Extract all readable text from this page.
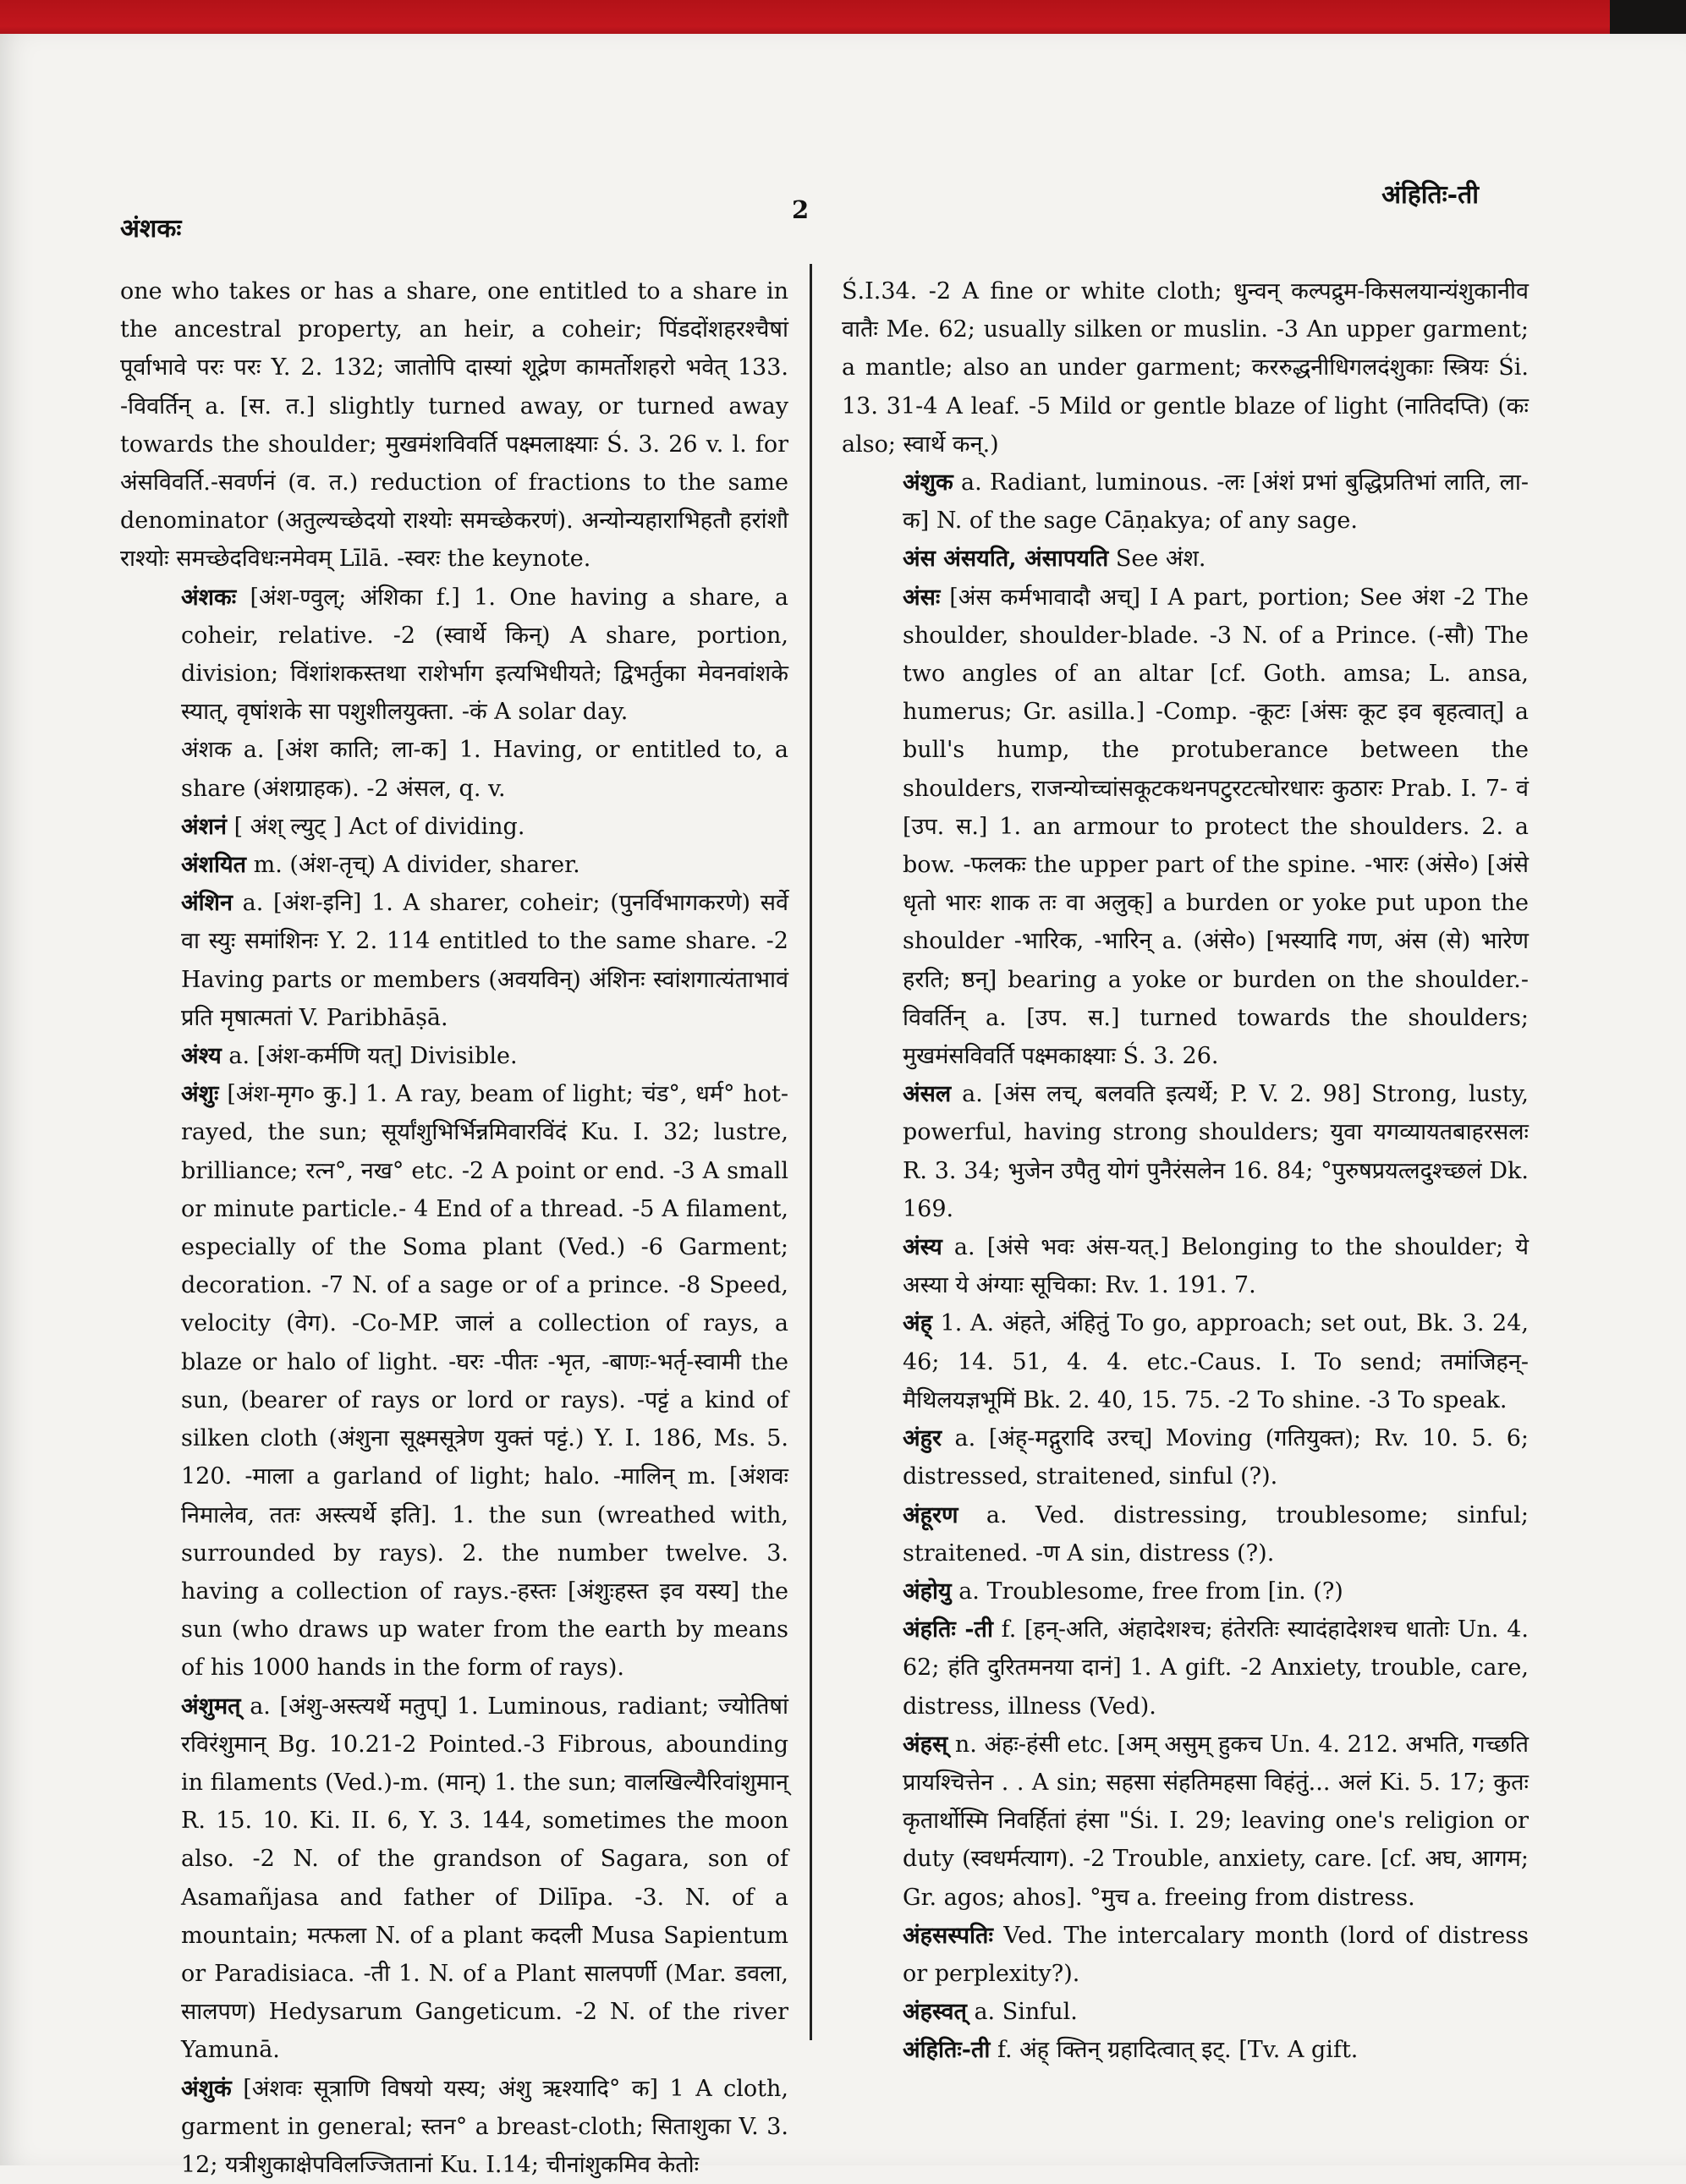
अंशकः
2	अंहितिः-ती

one who takes or has a share, one entitled to a share in the ancestral property, an heir, a coheir; पिंडदोंशहरश्चैषां पूर्वाभावे परः परः Y. 2. 132; जातोपि दास्यां शूद्रेण कामर्तोशहरो भवेत् 133. -विवर्तिन् a. [स. त.] slightly turned away, or turned away towards the shoulder; मुखमंशविवर्ति पक्ष्मलाक्ष्याः Ś. 3. 26 v. l. for अंसविवर्ति.-सवर्णनं (व. त.) reduction of fractions to the same denominator (अतुल्यच्छेदयो राश्योः समच्छेकरणं). अन्योन्यहाराभिहतौ हरांशौ राश्योः समच्छेदविधःनमेवम् Līlā. -स्वरः the keynote.

अंशकः [अंश-ण्वुल्; अंशिका f.] 1. One having a share, a coheir, relative. -2 (स्वार्थे किन्) A share, portion, division; विंशांशकस्तथा राशेर्भाग इत्यभिधीयते; द्विभर्तुका मेवनवांशके स्यात्, वृषांशके सा पशुशीलयुक्ता. -कं A solar day.

अंशक a. [अंश काति; ला-क] 1. Having, or entitled to, a share (अंशग्राहक). -2 अंसल, q. v.

अंशनं [ अंश् ल्युट् ] Act of dividing.

अंशयित m. (अंश-तृच्) A divider, sharer.

अंशिन a. [अंश-इनि] 1. A sharer, coheir; (पुनर्विभागकरणे) सर्वे वा स्युः समांशिनः Y. 2. 114 entitled to the same share. -2 Having parts or members (अवयविन्) अंशिनः स्वांशगात्यंताभावं प्रति मृषात्मतां V. Paribhāṣā.

अंश्य a. [अंश-कर्मणि यत्] Divisible.

अंशुः [अंश-मृग० कु.] 1. A ray, beam of light; चंड°, धर्म° hot-rayed, the sun; सूर्यांशुभिर्भिन्नमिवारविंदं Ku. I. 32; lustre, brilliance; रत्न°, नख° etc. -2 A point or end. -3 A small or minute particle.- 4 End of a thread. -5 A filament, especially of the Soma plant (Ved.) -6 Garment; decoration. -7 N. of a sage or of a prince. -8 Speed, velocity (वेग). -Co-MP. जालं a collection of rays, a blaze or halo of light. -घरः -पीतः -भृत, -बाणः-भर्तृ-स्वामी the sun, (bearer of rays or lord or rays). -पट्टं a kind of silken cloth (अंशुना सूक्ष्मसूत्रेण युक्तं पट्टं.) Y. I. 186, Ms. 5. 120. -माला a garland of light; halo. -मालिन् m. [अंशवः निमालेव, ततः अस्त्यर्थे इति]. 1. the sun (wreathed with, surrounded by rays). 2. the number twelve. 3. having a collection of rays.-हस्तः [अंशुःहस्त इव यस्य] the sun (who draws up water from the earth by means of his 1000 hands in the form of rays).

अंशुमत् a. [अंशु-अस्त्यर्थे मतुप्] 1. Luminous, radiant; ज्योतिषां रविरंशुमान् Bg. 10.21-2 Pointed.-3 Fibrous, abounding in filaments (Ved.)-m. (मान्) 1. the sun; वालखिल्यैरिवांशुमान् R. 15. 10. Ki. II. 6, Y. 3. 144, sometimes the moon also. -2 N. of the grandson of Sagara, son of Asamañjasa and father of Dilīpa. -3. N. of a mountain; मत्फला N. of a plant कदली Musa Sapientum or Paradisiaca. -ती 1. N. of a Plant सालपर्णी (Mar. डवला, सालपण) Hedysarum Gangeticum. -2 N. of the river Yamunā.

अंशुकं [अंशवः सूत्राणि विषयो यस्य; अंशु ऋश्यादि° क] 1 A cloth, garment in general; स्तन° a breast-cloth; सिताशुका V. 3. 12; यत्रीशुकाक्षेपविलज्जितानां Ku. I.14; चीनांशुकमिव केतोः

Ś.I.34. -2 A fine or white cloth; धुन्वन् कल्पद्रुम-किसलयान्यंशुकानीव वातैः Me. 62; usually silken or muslin. -3 An upper garment; a mantle; also an under garment; कररुद्धनीधिगलदंशुकाः स्त्रियः Śi. 13. 31-4 A leaf. -5 Mild or gentle blaze of light (नातिदप्ति) (कः also; स्वार्थे कन्.)

अंशुक a. Radiant, luminous. -लः [अंशं प्रभां बुद्धिप्रतिभां लाति, ला-क] N. of the sage Cāṇakya; of any sage.

अंस अंसयति, अंसापयति See अंश.

अंसः [अंस कर्मभावादौ अच्] I A part, portion; See अंश -2 The shoulder, shoulder-blade. -3 N. of a Prince. (-सौ) The two angles of an altar [cf. Goth. amsa; L. ansa, humerus; Gr. asilla.] -Comp. -कूटः [अंसः कूट इव बृहत्वात्] a bull's hump, the protuberance between the shoulders, राजन्योच्चांसकूटकथनपटुरटत्घोरधारः कुठारः Prab. I. 7- वं [उप. स.] 1. an armour to protect the shoulders. 2. a bow. -फलकः the upper part of the spine. -भारः (अंसे०) [अंसे धृतो भारः शाक तः वा अलुक्] a burden or yoke put upon the shoulder -भारिक, -भारिन् a. (अंसे०) [भस्यादि गण, अंस (से) भारेण हरति; ष्ठन्] bearing a yoke or burden on the shoulder.-विवर्तिन् a. [उप. स.] turned towards the shoulders; मुखमंसविवर्ति पक्ष्मकाक्ष्याः Ś. 3. 26.

अंसल a. [अंस लच्, बलवति इत्यर्थे; P. V. 2. 98] Strong, lusty, powerful, having strong shoulders; युवा यगव्यायतबाहरसलः R. 3. 34; भुजेन उपैतु योगं पुनैरंसलेन 16. 84; °पुरुषप्रयत्लदुश्च्छलं Dk. 169.

अंस्य a. [अंसे भवः अंस-यत्.] Belonging to the shoulder; ये अस्या ये अंग्याः सूचिका: Rv. 1. 191. 7.

अंह् 1. A. अंहते, अंहितुं To go, approach; set out, Bk. 3. 24, 46; 14. 51, 4. 4. etc.-Caus. I. To send; तमांजिहन्-मैथिलयज्ञभूमिं Bk. 2. 40, 15. 75. -2 To shine. -3 To speak.

अंहुर a. [अंह्-मद्गुरादि उरच्] Moving (गतियुक्त); Rv. 10. 5. 6; distressed, straitened, sinful (?).

अंहूरण a. Ved. distressing, troublesome; sinful; straitened. -ण A sin, distress (?).

अंहोयु a. Troublesome, free from [in. (?)

अंहतिः -ती f. [हन्-अति, अंहादेशश्च; हंतेरतिः स्यादंहादेशश्च धातोः Un. 4. 62; हंति दुरितमनया दानं] 1. A gift. -2 Anxiety, trouble, care, distress, illness (Ved).

अंहस् n. अंहः-हंसी etc. [अम् असुम् हुकच Un. 4. 212. अभति, गच्छति प्रायश्चित्तेन . . A sin; सहसा संहतिमहसा विहंतुं... अलं Ki. 5. 17; कुतः कृतार्थोस्मि निवर्हितां हंसा "Śi. I. 29; leaving one's religion or duty (स्वधर्मत्याग). -2 Trouble, anxiety, care. [cf. अघ, आगम; Gr. agos; ahos]. °मुच a. freeing from distress.

अंहसस्पतिः Ved. The intercalary month (lord of distress or perplexity?).

अंहस्वत् a. Sinful.

अंहितिः-ती f. अंह् क्तिन् ग्रहादित्वात् इट्. [Tv. A gift.
